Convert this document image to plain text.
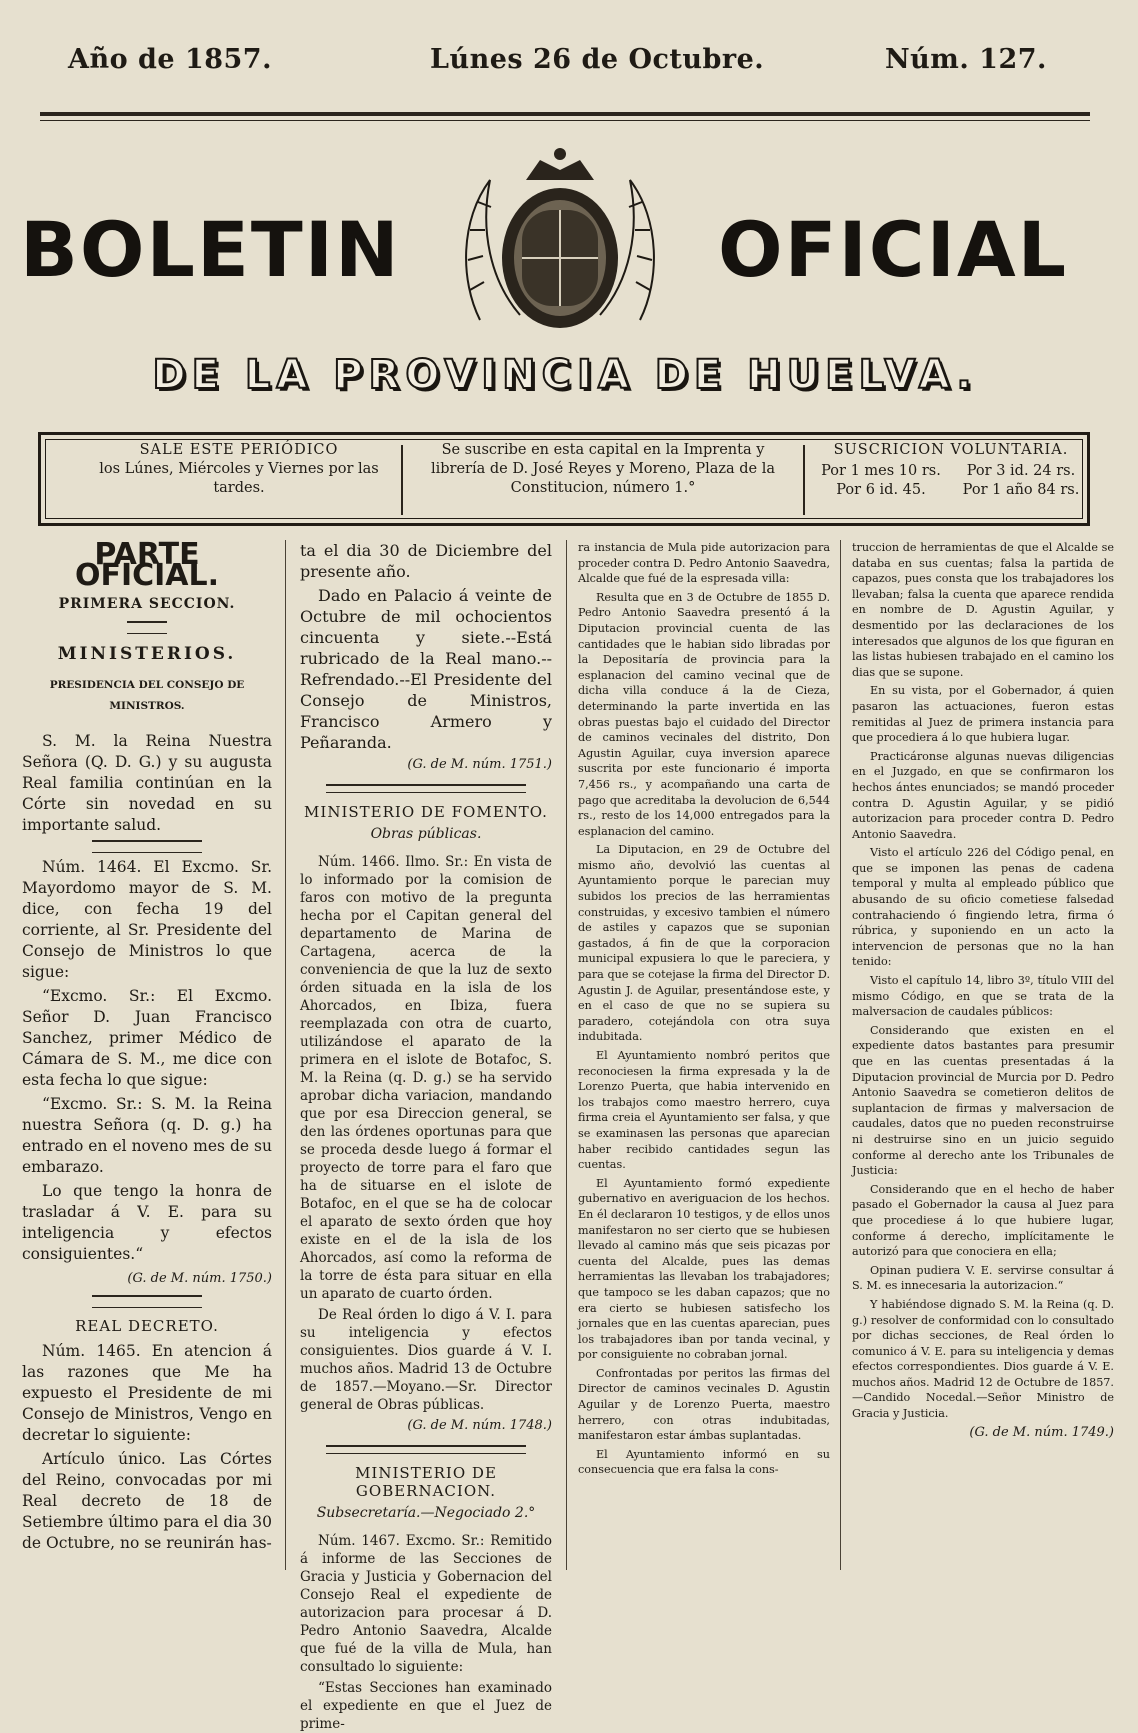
Año de 1857.	Lúnes 26 de Octubre.	Núm. 127.
BOLETIN	OFICIAL
DE LA PROVINCIA DE HUELVA.
SALE ESTE PERIÓDICO
los Lúnes, Miércoles y Viernes por las tardes.
Se suscribe en esta capital en la Imprenta y librería de D. José Reyes y Moreno, Plaza de la Constitucion, número 1.°
SUSCRICION VOLUNTARIA.
Por 1 mes 10 rs.	Por 3 id. 24 rs.
Por 6 id. 45.	Por 1 año 84 rs.
PARTE OFICIAL.
PRIMERA SECCION.
MINISTERIOS.
PRESIDENCIA DEL CONSEJO DE MINISTROS.

S. M. la Reina Nuestra Señora (Q. D. G.) y su augusta Real familia continúan en la Córte sin novedad en su importante salud.

Núm. 1464. El Excmo. Sr. Mayordomo mayor de S. M. dice, con fecha 19 del corriente, al Sr. Presidente del Consejo de Ministros lo que sigue:

“Excmo. Sr.: El Excmo. Señor D. Juan Francisco Sanchez, primer Médico de Cámara de S. M., me dice con esta fecha lo que sigue:

“Excmo. Sr.: S. M. la Reina nuestra Señora (q. D. g.) ha entrado en el noveno mes de su embarazo.

Lo que tengo la honra de trasladar á V. E. para su inteligencia y efectos consiguientes.“

(G. de M. núm. 1750.)
REAL DECRETO.

Núm. 1465. En atencion á las razones que Me ha expuesto el Presidente de mi Consejo de Ministros, Vengo en decretar lo siguiente:

Artículo único. Las Córtes del Reino, convocadas por mi Real decreto de 18 de Setiembre último para el dia 30 de Octubre, no se reunirán has-

ta el dia 30 de Diciembre del presente año.

Dado en Palacio á veinte de Octubre de mil ochocientos cincuenta y siete.--Está rubricado de la Real mano.--Refrendado.--El Presidente del Consejo de Ministros, Francisco Armero y Peñaranda.

(G. de M. núm. 1751.)
MINISTERIO DE FOMENTO.
Obras públicas.

Núm. 1466. Ilmo. Sr.: En vista de lo informado por la comision de faros con motivo de la pregunta hecha por el Capitan general del departamento de Marina de Cartagena, acerca de la conveniencia de que la luz de sexto órden situada en la isla de los Ahorcados, en Ibiza, fuera reemplazada con otra de cuarto, utilizándose el aparato de la primera en el islote de Botafoc, S. M. la Reina (q. D. g.) se ha servido aprobar dicha variacion, mandando que por esa Direccion general, se den las órdenes oportunas para que se proceda desde luego á formar el proyecto de torre para el faro que ha de situarse en el islote de Botafoc, en el que se ha de colocar el aparato de sexto órden que hoy existe en el de la isla de los Ahorcados, así como la reforma de la torre de ésta para situar en ella un aparato de cuarto órden.

De Real órden lo digo á V. I. para su inteligencia y efectos consiguientes. Dios guarde á V. I. muchos años. Madrid 13 de Octubre de 1857.—Moyano.—Sr. Director general de Obras públicas.

(G. de M. núm. 1748.)
MINISTERIO DE GOBERNACION.
Subsecretaría.—Negociado 2.°

Núm. 1467. Excmo. Sr.: Remitido á informe de las Secciones de Gracia y Justicia y Gobernacion del Consejo Real el expediente de autorizacion para procesar á D. Pedro Antonio Saavedra, Alcalde que fué de la villa de Mula, han consultado lo siguiente:

“Estas Secciones han examinado el expediente en que el Juez de prime-

ra instancia de Mula pide autorizacion para proceder contra D. Pedro Antonio Saavedra, Alcalde que fué de la espresada villa:

Resulta que en 3 de Octubre de 1855 D. Pedro Antonio Saavedra presentó á la Diputacion provincial cuenta de las cantidades que le habian sido libradas por la Depositaría de provincia para la esplanacion del camino vecinal que de dicha villa conduce á la de Cieza, determinando la parte invertida en las obras puestas bajo el cuidado del Director de caminos vecinales del distrito, Don Agustin Aguilar, cuya inversion aparece suscrita por este funcionario é importa 7,456 rs., y acompañando una carta de pago que acreditaba la devolucion de 6,544 rs., resto de los 14,000 entregados para la esplanacion del camino.

La Diputacion, en 29 de Octubre del mismo año, devolvió las cuentas al Ayuntamiento porque le parecian muy subidos los precios de las herramientas construidas, y excesivo tambien el número de astiles y capazos que se suponian gastados, á fin de que la corporacion municipal expusiera lo que le pareciera, y para que se cotejase la firma del Director D. Agustin J. de Aguilar, presentándose este, y en el caso de que no se supiera su paradero, cotejándola con otra suya indubitada.

El Ayuntamiento nombró peritos que reconociesen la firma expresada y la de Lorenzo Puerta, que habia intervenido en los trabajos como maestro herrero, cuya firma creia el Ayuntamiento ser falsa, y que se examinasen las personas que aparecian haber recibido cantidades segun las cuentas.

El Ayuntamiento formó expediente gubernativo en averiguacion de los hechos. En él declararon 10 testigos, y de ellos unos manifestaron no ser cierto que se hubiesen llevado al camino más que seis picazas por cuenta del Alcalde, pues las demas herramientas las llevaban los trabajadores; que tampoco se les daban capazos; que no era cierto se hubiesen satisfecho los jornales que en las cuentas aparecian, pues los trabajadores iban por tanda vecinal, y por consiguiente no cobraban jornal.

Confrontadas por peritos las firmas del Director de caminos vecinales D. Agustin Aguilar y de Lorenzo Puerta, maestro herrero, con otras indubitadas, manifestaron estar ámbas suplantadas.

El Ayuntamiento informó en su consecuencia que era falsa la cons-

truccion de herramientas de que el Alcalde se databa en sus cuentas; falsa la partida de capazos, pues consta que los trabajadores los llevaban; falsa la cuenta que aparece rendida en nombre de D. Agustin Aguilar, y desmentido por las declaraciones de los interesados que algunos de los que figuran en las listas hubiesen trabajado en el camino los dias que se supone.

En su vista, por el Gobernador, á quien pasaron las actuaciones, fueron estas remitidas al Juez de primera instancia para que procediera á lo que hubiera lugar.

Practicáronse algunas nuevas diligencias en el Juzgado, en que se confirmaron los hechos ántes enunciados; se mandó proceder contra D. Agustin Aguilar, y se pidió autorizacion para proceder contra D. Pedro Antonio Saavedra.

Visto el artículo 226 del Código penal, en que se imponen las penas de cadena temporal y multa al empleado público que abusando de su oficio cometiese falsedad contrahaciendo ó fingiendo letra, firma ó rúbrica, y suponiendo en un acto la intervencion de personas que no la han tenido:

Visto el capítulo 14, libro 3º, título VIII del mismo Código, en que se trata de la malversacion de caudales públicos:

Considerando que existen en el expediente datos bastantes para presumir que en las cuentas presentadas á la Diputacion provincial de Murcia por D. Pedro Antonio Saavedra se cometieron delitos de suplantacion de firmas y malversacion de caudales, datos que no pueden reconstruirse ni destruirse sino en un juicio seguido conforme al derecho ante los Tribunales de Justicia:

Considerando que en el hecho de haber pasado el Gobernador la causa al Juez para que procediese á lo que hubiere lugar, conforme á derecho, implícitamente le autorizó para que conociera en ella;

Opinan pudiera V. E. servirse consultar á S. M. es innecesaria la autorizacion.“

Y habiéndose dignado S. M. la Reina (q. D. g.) resolver de conformidad con lo consultado por dichas secciones, de Real órden lo comunico á V. E. para su inteligencia y demas efectos correspondientes. Dios guarde á V. E. muchos años. Madrid 12 de Octubre de 1857.—Candido Nocedal.—Señor Ministro de Gracia y Justicia.

(G. de M. núm. 1749.)
